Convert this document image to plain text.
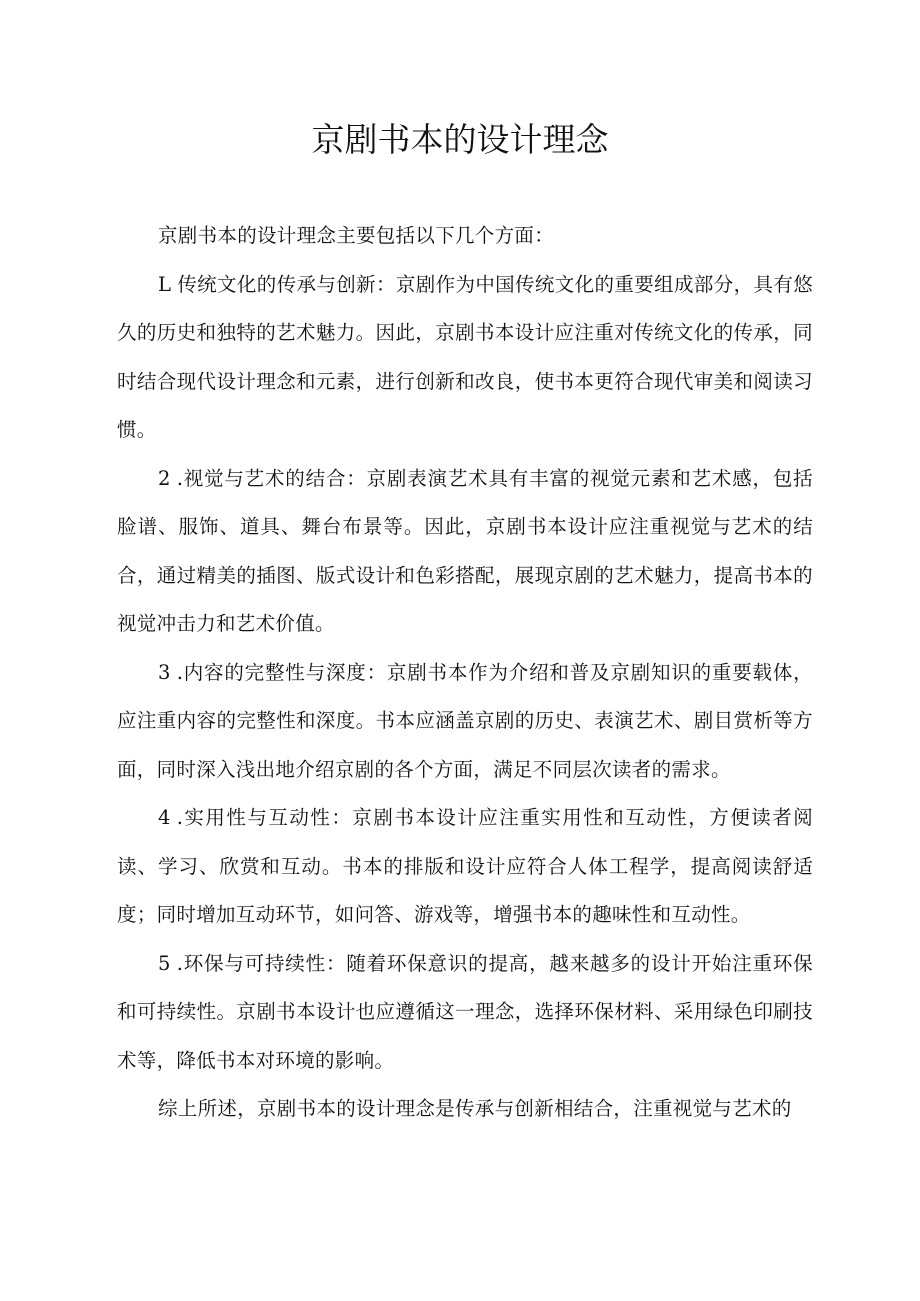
京剧书本的设计理念

京剧书本的设计理念主要包括以下几个方面：

L 传统文化的传承与创新：京剧作为中国传统文化的重要组成部分，具有悠久的历史和独特的艺术魅力。因此，京剧书本设计应注重对传统文化的传承，同时结合现代设计理念和元素，进行创新和改良，使书本更符合现代审美和阅读习惯。

2 .视觉与艺术的结合：京剧表演艺术具有丰富的视觉元素和艺术感，包括脸谱、服饰、道具、舞台布景等。因此，京剧书本设计应注重视觉与艺术的结合，通过精美的插图、版式设计和色彩搭配，展现京剧的艺术魅力，提高书本的视觉冲击力和艺术价值。

3 .内容的完整性与深度：京剧书本作为介绍和普及京剧知识的重要载体，应注重内容的完整性和深度。书本应涵盖京剧的历史、表演艺术、剧目赏析等方面，同时深入浅出地介绍京剧的各个方面，满足不同层次读者的需求。

4 .实用性与互动性：京剧书本设计应注重实用性和互动性，方便读者阅读、学习、欣赏和互动。书本的排版和设计应符合人体工程学，提高阅读舒适度；同时增加互动环节，如问答、游戏等，增强书本的趣味性和互动性。

5 .环保与可持续性：随着环保意识的提高，越来越多的设计开始注重环保和可持续性。京剧书本设计也应遵循这一理念，选择环保材料、采用绿色印刷技术等，降低书本对环境的影响。

综上所述，京剧书本的设计理念是传承与创新相结合，注重视觉与艺术的
